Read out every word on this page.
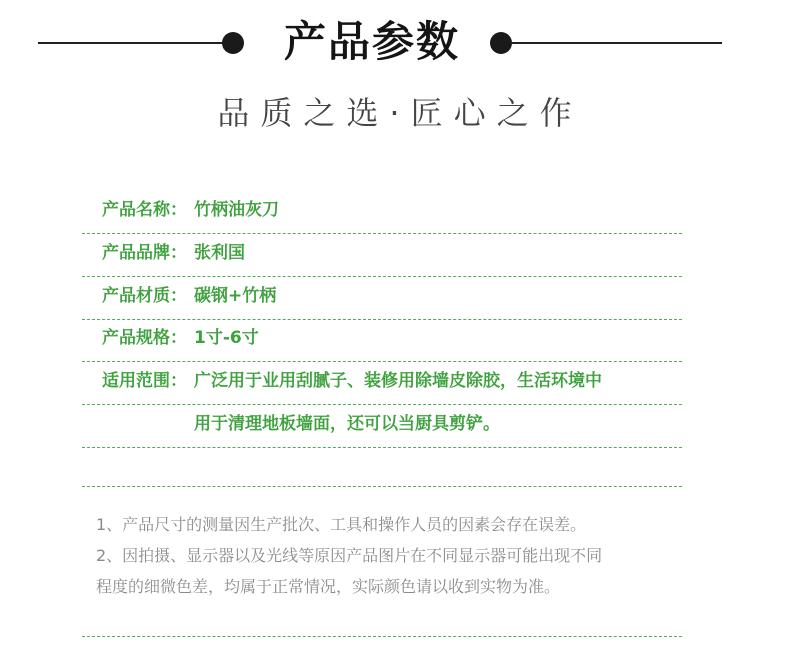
产品参数
品质之选·匠心之作
产品名称： 竹柄油灰刀
产品品牌： 张利国
产品材质： 碳钢+竹柄
产品规格： 1寸-6寸
适用范围： 广泛用于业用刮腻子、装修用除墙皮除胶，生活环境中
用于清理地板墙面，还可以当厨具剪铲。
1、产品尺寸的测量因生产批次、工具和操作人员的因素会存在误差。
2、因拍摄、显示器以及光线等原因产品图片在不同显示器可能出现不同
程度的细微色差，均属于正常情况，实际颜色请以收到实物为准。
